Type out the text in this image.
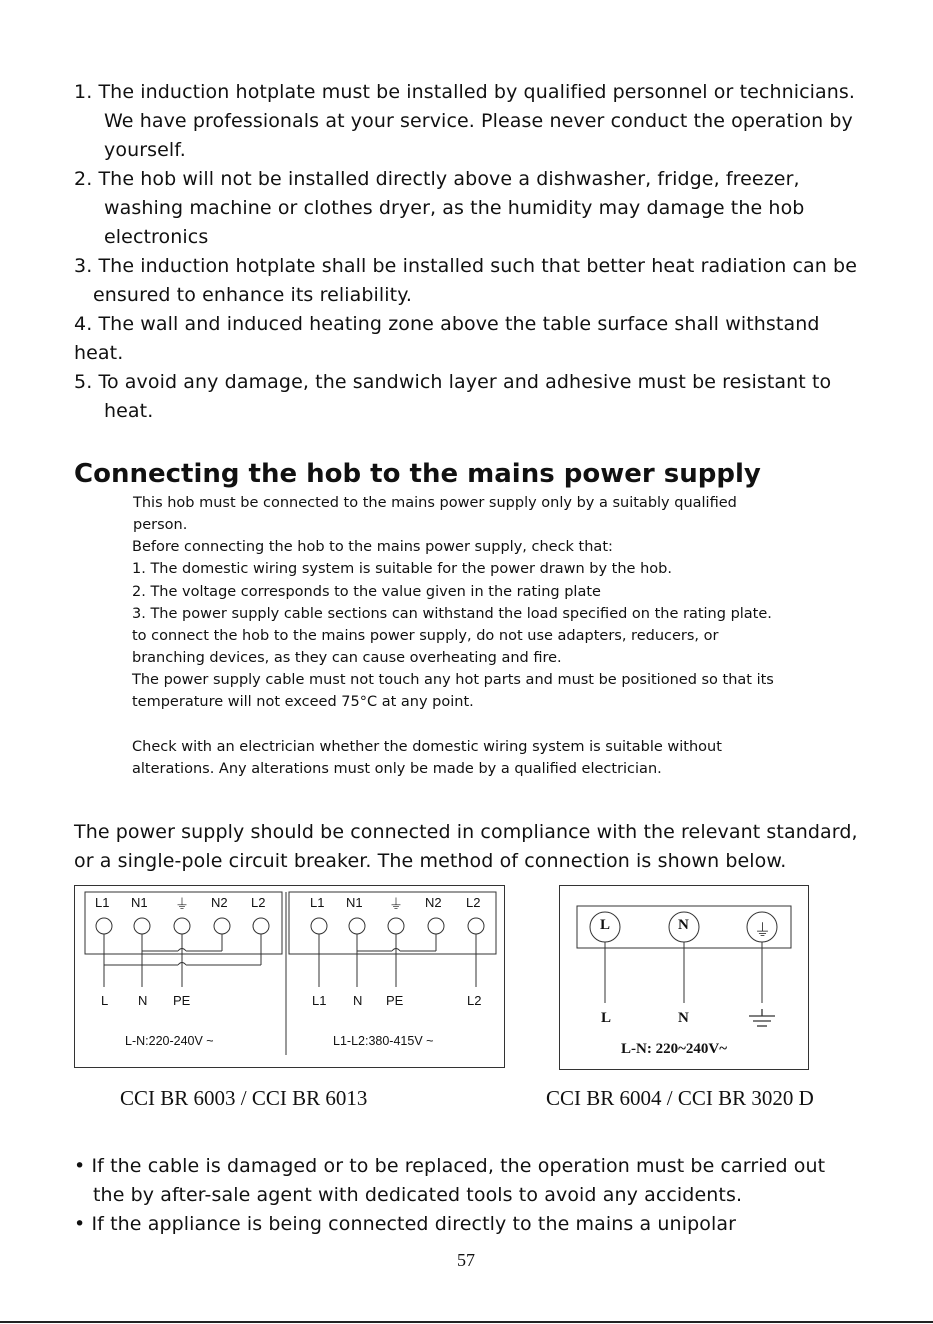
1. The induction hotplate must be installed by qualified personnel or technicians.
We have professionals at your service. Please never conduct the operation by
yourself.
2. The hob will not be installed directly above a dishwasher, fridge, freezer,
washing machine or clothes dryer, as the humidity may damage the hob
electronics
3. The induction hotplate shall be installed such that better heat radiation can be
ensured to enhance its reliability.
4. The wall and induced heating zone above the table surface shall withstand
heat.
5. To avoid any damage, the sandwich layer and adhesive must be resistant to
heat.
Connecting the hob to the mains power supply
This hob must be connected to the mains power supply only by a suitably qualified
person.
Before connecting the hob to the mains power supply, check that:
1. The domestic wiring system is suitable for the power drawn by the hob.
2. The voltage corresponds to the value given in the rating plate
3. The power supply cable sections can withstand the load specified on the rating plate.
to connect the hob to the mains power supply, do not use adapters, reducers, or
branching devices, as they can cause overheating and fire.
The power supply cable must not touch any hot parts and must be positioned so that its
temperature will not exceed 75°C at any point.
Check with an electrician whether the domestic wiring system is suitable without
alterations. Any alterations must only be made by a qualified electrician.
The power supply should be connected in compliance with the relevant standard,
or a single-pole circuit breaker. The method of connection is shown below.
L1 N1 ⏚ N2 L2	L1 N1 ⏚ N2 L2
L N PE	L1 N PE	L2
L-N:220-240V ~	L1-L2:380-415V ~
L	N	⏚
L	N
L-N: 220~240V~
CCI BR 6003 / CCI BR 6013	CCI BR 6004 / CCI BR 3020 D
• If the cable is damaged or to be replaced, the operation must be carried out
the by after-sale agent with dedicated tools to avoid any accidents.
• If the appliance is being connected directly to the mains a unipolar
57
